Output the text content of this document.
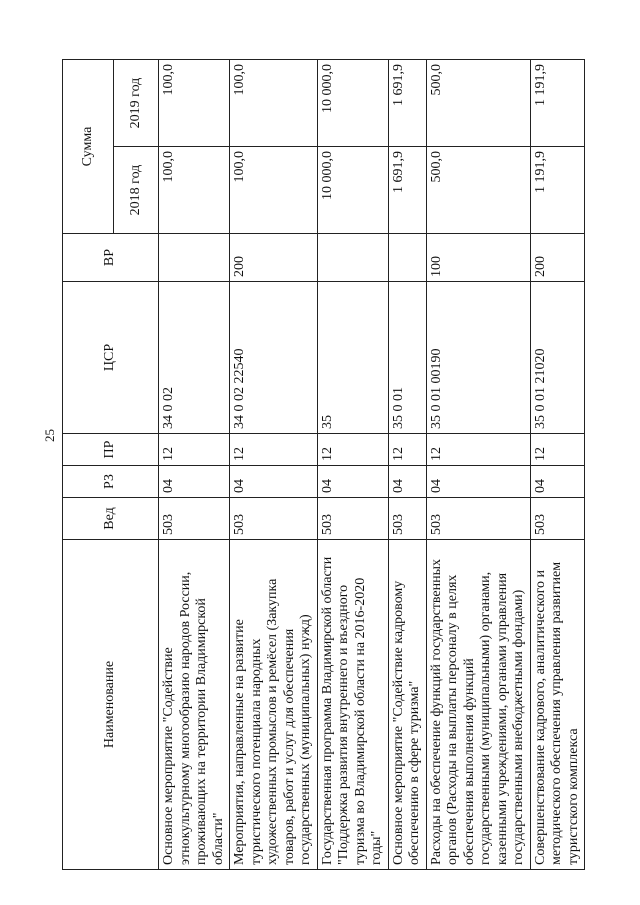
25
Наименование	Вед	РЗ	ПР	ЦСР	ВР	Сумма	
						2018 год	2019 год
Основное мероприятие "Содействие этнокультурному многообразию народов России, проживающих на территории Владимирской области"	503	04	12	34 0 02		100,0	100,0
Мероприятия, направленные на развитие туристического потенциала народных художественных промыслов и ремёсел (Закупка товаров, работ и услуг для обеспечения государственных (муниципальных) нужд)	503	04	12	34 0 02 22540	200	100,0	100,0
Государственная программа Владимирской области "Поддержка развития внутреннего и въездного туризма во Владимирской области на 2016-2020 годы"	503	04	12	35		10 000,0	10 000,0
Основное мероприятие "Содействие кадровому обеспечению в сфере туризма"	503	04	12	35 0 01		1 691,9	1 691,9
Расходы на обеспечение функций государственных органов (Расходы на выплаты персоналу в целях обеспечения выполнения функций государственными (муниципальными) органами, казенными учреждениями, органами управления государственными внебюджетными фондами)	503	04	12	35 0 01 00190	100	500,0	500,0
Совершенствование кадрового, аналитического и методического обеспечения управления развитием туристского комплекса	503	04	12	35 0 01 21020	200	1 191,9	1 191,9
